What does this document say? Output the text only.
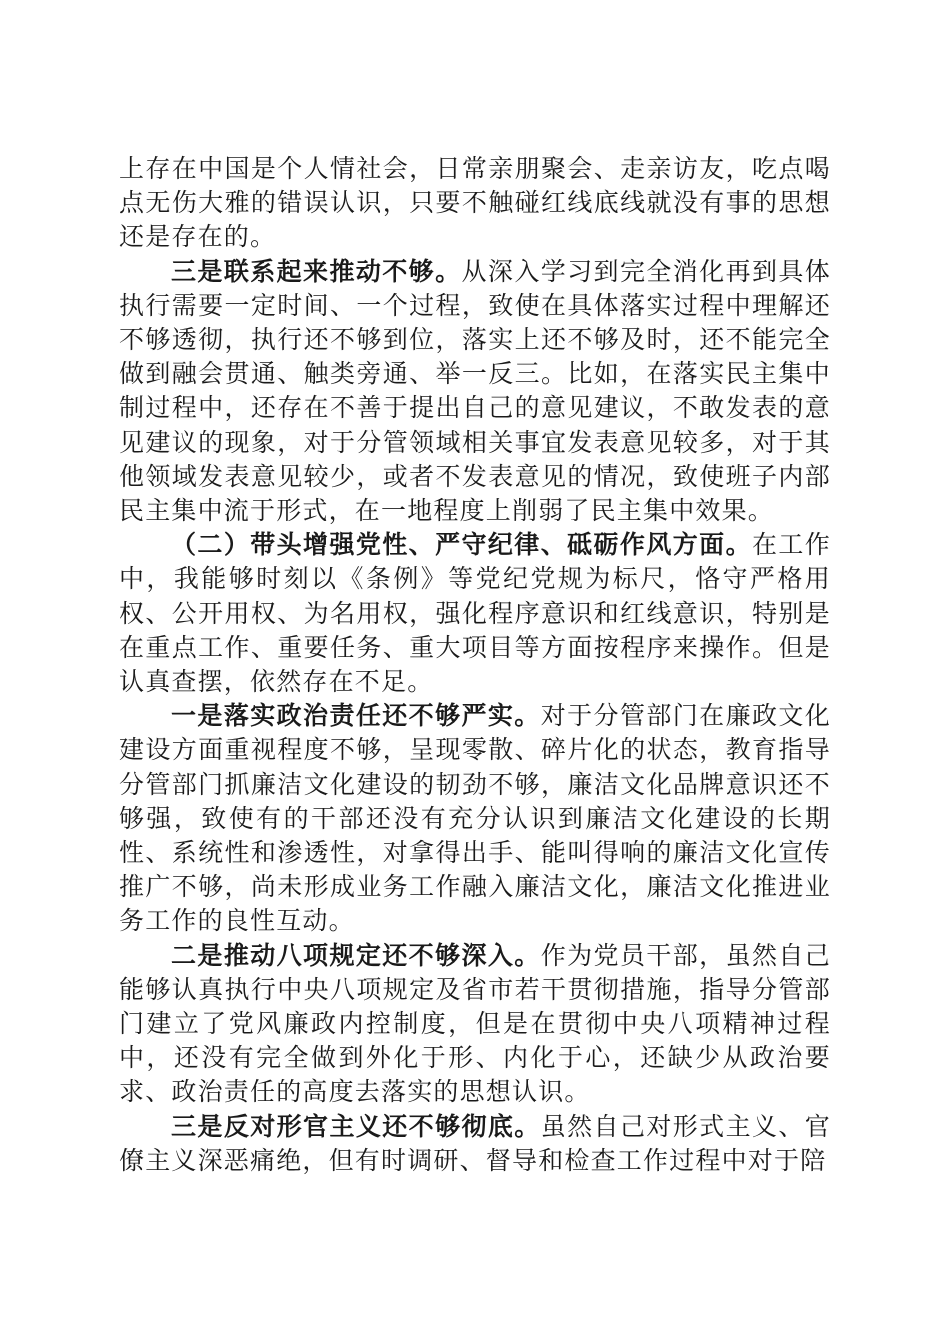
上存在中国是个人情社会，日常亲朋聚会、走亲访友，吃点喝点无伤大雅的错误认识，只要不触碰红线底线就没有事的思想还是存在的。

三是联系起来推动不够。从深入学习到完全消化再到具体执行需要一定时间、一个过程，致使在具体落实过程中理解还不够透彻，执行还不够到位，落实上还不够及时，还不能完全做到融会贯通、触类旁通、举一反三。比如，在落实民主集中制过程中，还存在不善于提出自己的意见建议，不敢发表的意见建议的现象，对于分管领域相关事宜发表意见较多，对于其他领域发表意见较少，或者不发表意见的情况，致使班子内部民主集中流于形式，在一地程度上削弱了民主集中效果。

（二）带头增强党性、严守纪律、砥砺作风方面。在工作中，我能够时刻以《条例》等党纪党规为标尺，恪守严格用权、公开用权、为名用权，强化程序意识和红线意识，特别是在重点工作、重要任务、重大项目等方面按程序来操作。但是认真查摆，依然存在不足。

一是落实政治责任还不够严实。对于分管部门在廉政文化建设方面重视程度不够，呈现零散、碎片化的状态，教育指导分管部门抓廉洁文化建设的韧劲不够，廉洁文化品牌意识还不够强，致使有的干部还没有充分认识到廉洁文化建设的长期性、系统性和渗透性，对拿得出手、能叫得响的廉洁文化宣传推广不够，尚未形成业务工作融入廉洁文化，廉洁文化推进业务工作的良性互动。

二是推动八项规定还不够深入。作为党员干部，虽然自己能够认真执行中央八项规定及省市若干贯彻措施，指导分管部门建立了党风廉政内控制度，但是在贯彻中央八项精神过程中，还没有完全做到外化于形、内化于心，还缺少从政治要求、政治责任的高度去落实的思想认识。

三是反对形官主义还不够彻底。虽然自己对形式主义、官僚主义深恶痛绝，但有时调研、督导和检查工作过程中对于陪
